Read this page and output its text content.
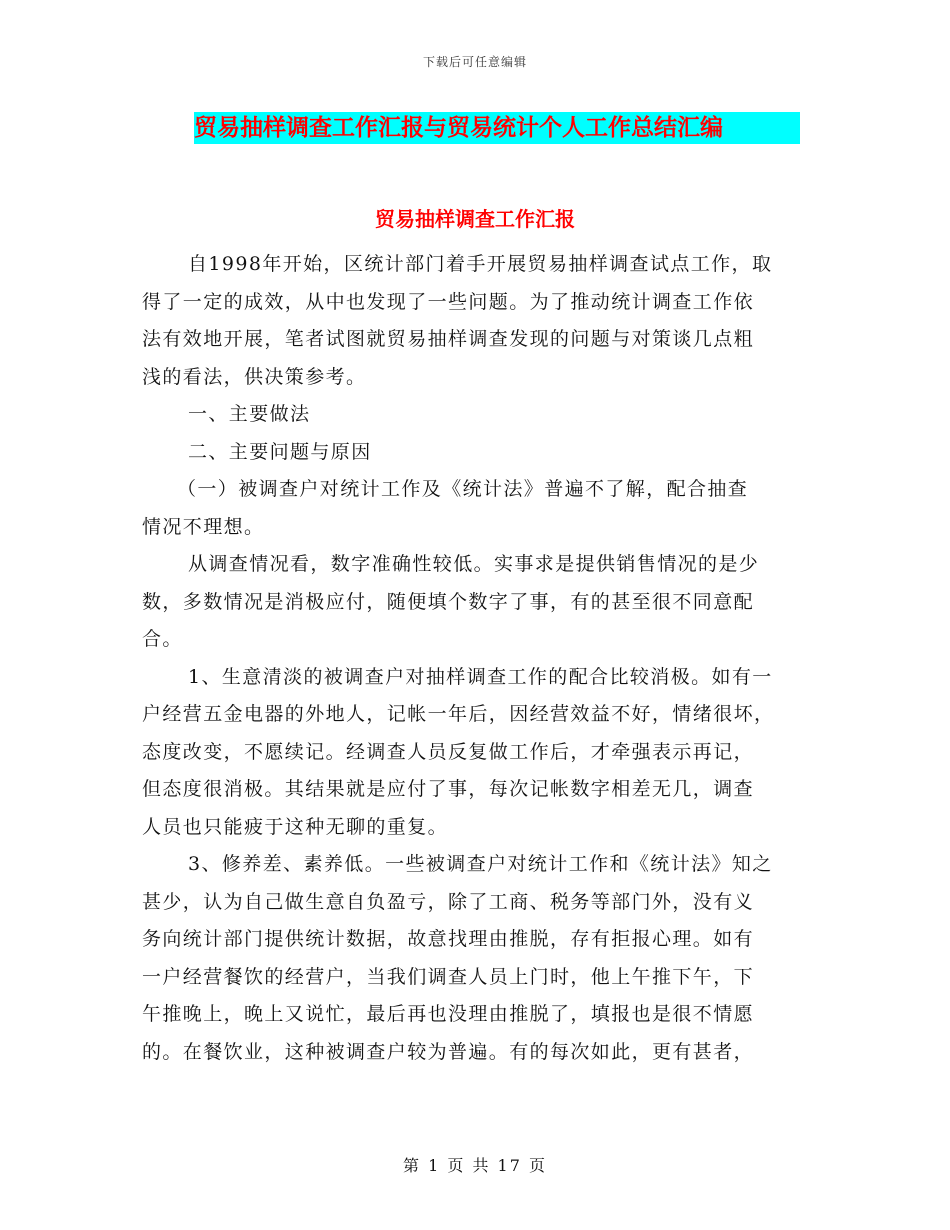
下载后可任意编辑
贸易抽样调查工作汇报与贸易统计个人工作总结汇编
贸易抽样调查工作汇报
自1998年开始，区统计部门着手开展贸易抽样调查试点工作，取
得了一定的成效，从中也发现了一些问题。为了推动统计调查工作依
法有效地开展，笔者试图就贸易抽样调查发现的问题与对策谈几点粗
浅的看法，供决策参考。
一、主要做法
二、主要问题与原因
（一）被调查户对统计工作及《统计法》普遍不了解，配合抽查
情况不理想。
从调查情况看，数字准确性较低。实事求是提供销售情况的是少
数，多数情况是消极应付，随便填个数字了事，有的甚至很不同意配
合。
1、生意清淡的被调查户对抽样调查工作的配合比较消极。如有一
户经营五金电器的外地人，记帐一年后，因经营效益不好，情绪很坏，
态度改变，不愿续记。经调查人员反复做工作后，才牵强表示再记，
但态度很消极。其结果就是应付了事，每次记帐数字相差无几，调查
人员也只能疲于这种无聊的重复。
3、修养差、素养低。一些被调查户对统计工作和《统计法》知之
甚少，认为自己做生意自负盈亏，除了工商、税务等部门外，没有义
务向统计部门提供统计数据，故意找理由推脱，存有拒报心理。如有
一户经营餐饮的经营户，当我们调查人员上门时，他上午推下午，下
午推晚上，晚上又说忙，最后再也没理由推脱了，填报也是很不情愿
的。在餐饮业，这种被调查户较为普遍。有的每次如此，更有甚者，
第 1 页 共 17 页
